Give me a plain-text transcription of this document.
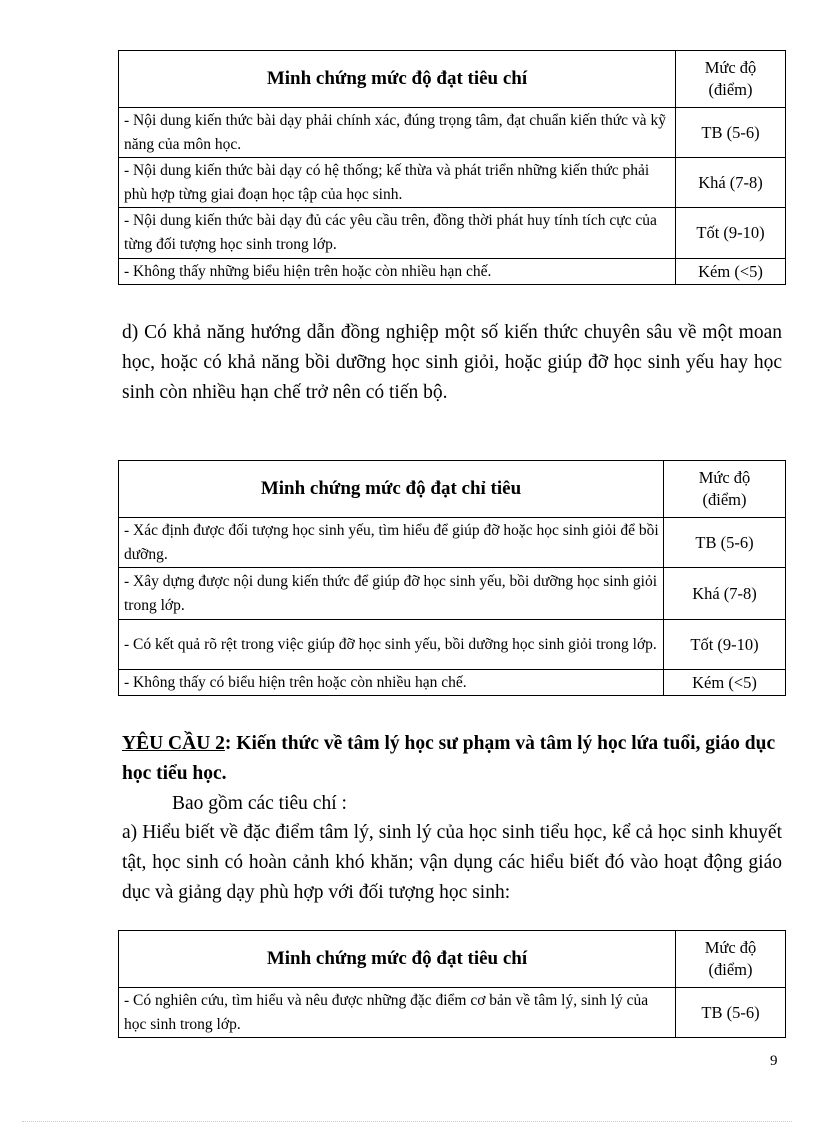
Minh chứng mức độ đạt tiêu chí	Mức độ
(điểm)
- Nội dung kiến thức bài dạy phải chính xác, đúng trọng tâm, đạt chuẩn kiến thức và kỹ năng của môn học.	TB (5-6)
- Nội dung kiến thức bài dạy có hệ thống; kế thừa và phát triển những kiến thức phải phù hợp từng giai đoạn học tập của học sinh.	Khá (7-8)
- Nội dung kiến thức bài dạy đủ các yêu cầu trên, đồng thời phát huy tính tích cực của từng đối tượng học sinh trong lớp.	Tốt (9-10)
- Không thấy những biểu hiện trên hoặc còn nhiều hạn chế.	Kém (<5)
d) Có khả năng hướng dẫn đồng nghiệp một số kiến thức chuyên sâu về một moan học, hoặc có khả năng bồi dưỡng học sinh giỏi, hoặc giúp đỡ học sinh yếu hay học sinh còn nhiều hạn chế trở nên có tiến bộ.
Minh chứng mức độ đạt chỉ tiêu	Mức độ
(điểm)
- Xác định được đối tượng học sinh yếu, tìm hiểu để giúp đỡ hoặc học sinh giỏi để bồi dưỡng.	TB (5-6)
- Xây dựng được nội dung kiến thức để giúp đỡ học sinh yếu, bồi dưỡng học sinh giỏi trong lớp.	Khá (7-8)
- Có kết quả rõ rệt trong việc giúp đỡ học sinh yếu, bồi dưỡng học sinh giỏi trong lớp.	Tốt (9-10)
- Không thấy có biểu hiện trên hoặc còn nhiều hạn chế.	Kém (<5)
YÊU CẦU 2: Kiến thức về tâm lý học sư phạm và tâm lý học lứa tuổi, giáo dục học tiểu học.
Bao gồm các tiêu chí :
a) Hiểu biết về đặc điểm tâm lý, sinh lý của học sinh tiểu học, kể cả học sinh khuyết tật, học sinh có hoàn cảnh khó khăn; vận dụng các hiểu biết đó vào hoạt động giáo dục và giảng dạy phù hợp với đối tượng học sinh:
Minh chứng mức độ đạt tiêu chí	Mức độ
(điểm)
- Có nghiên cứu, tìm hiểu và nêu được những đặc điểm cơ bản về tâm lý, sinh lý của học sinh trong lớp.	TB (5-6)
9
